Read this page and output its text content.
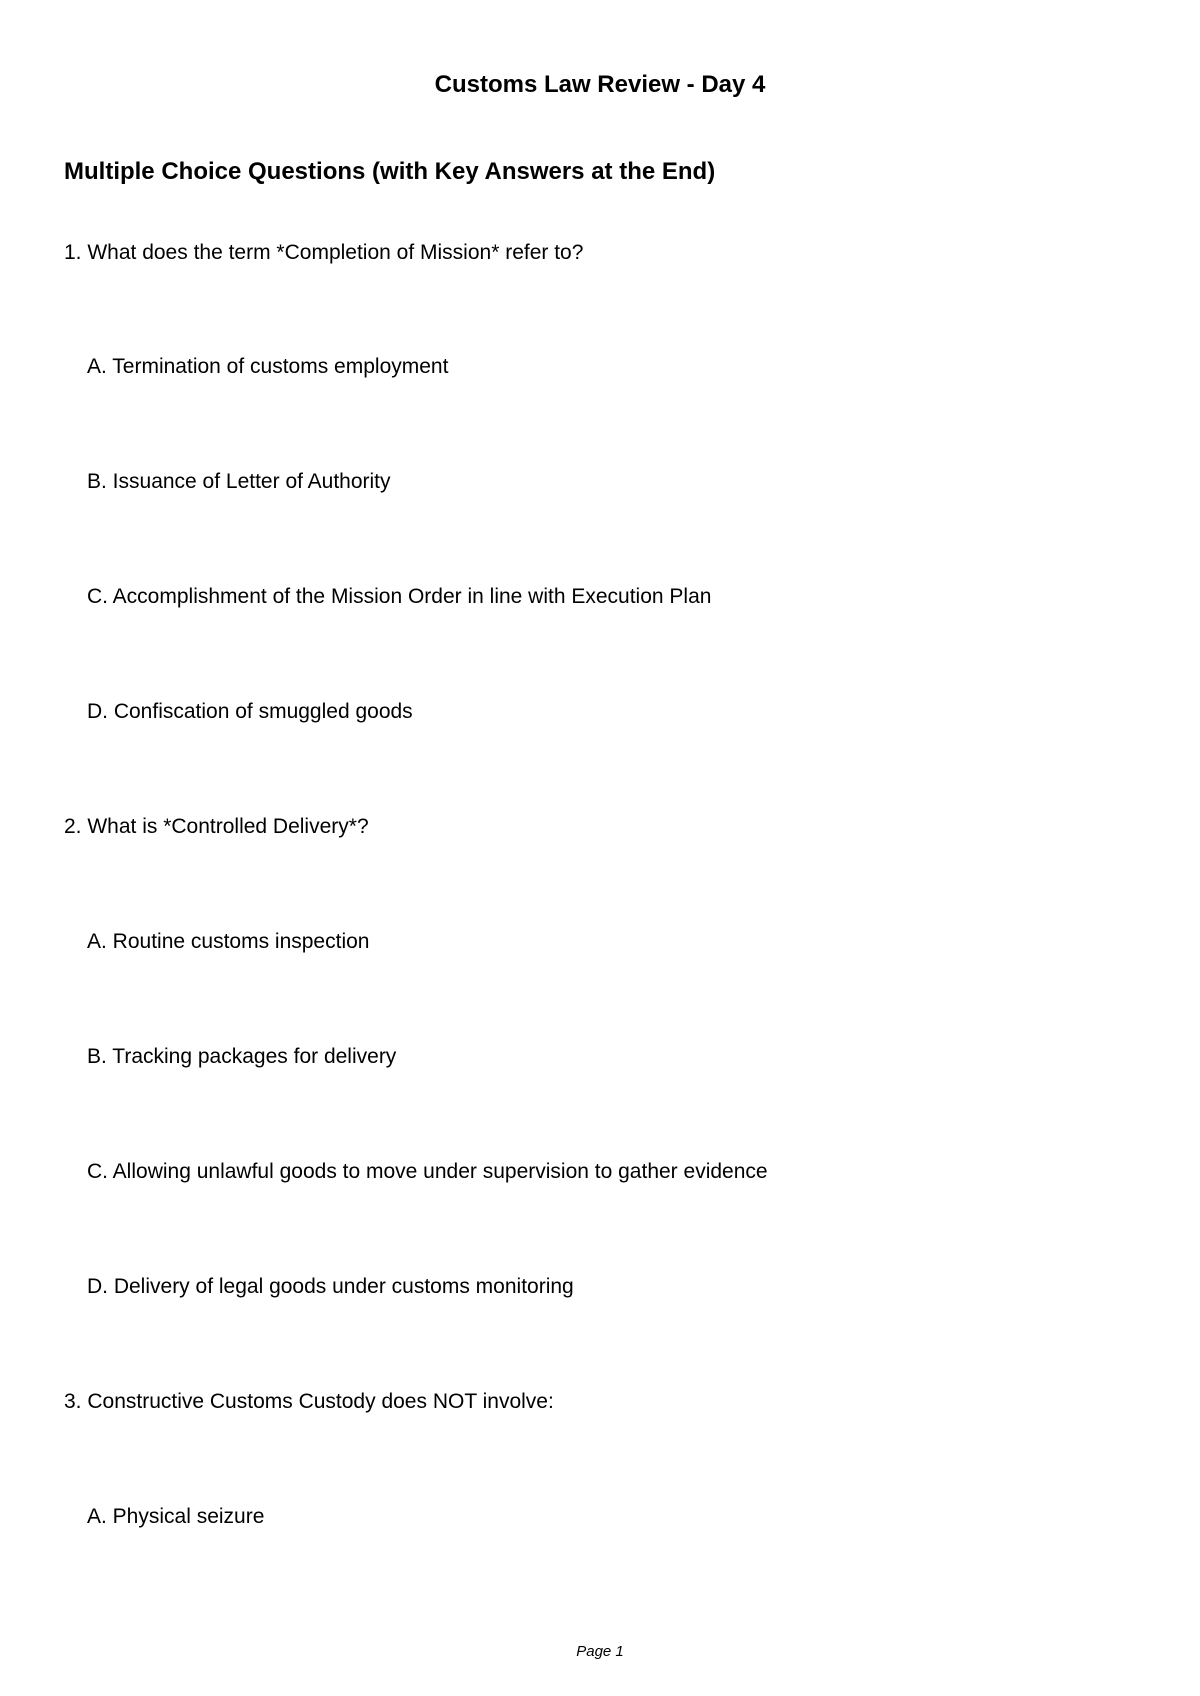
Customs Law Review - Day 4
Multiple Choice Questions (with Key Answers at the End)
1. What does the term *Completion of Mission* refer to?
A. Termination of customs employment
B. Issuance of Letter of Authority
C. Accomplishment of the Mission Order in line with Execution Plan
D. Confiscation of smuggled goods
2. What is *Controlled Delivery*?
A. Routine customs inspection
B. Tracking packages for delivery
C. Allowing unlawful goods to move under supervision to gather evidence
D. Delivery of legal goods under customs monitoring
3. Constructive Customs Custody does NOT involve:
A. Physical seizure
Page 1
